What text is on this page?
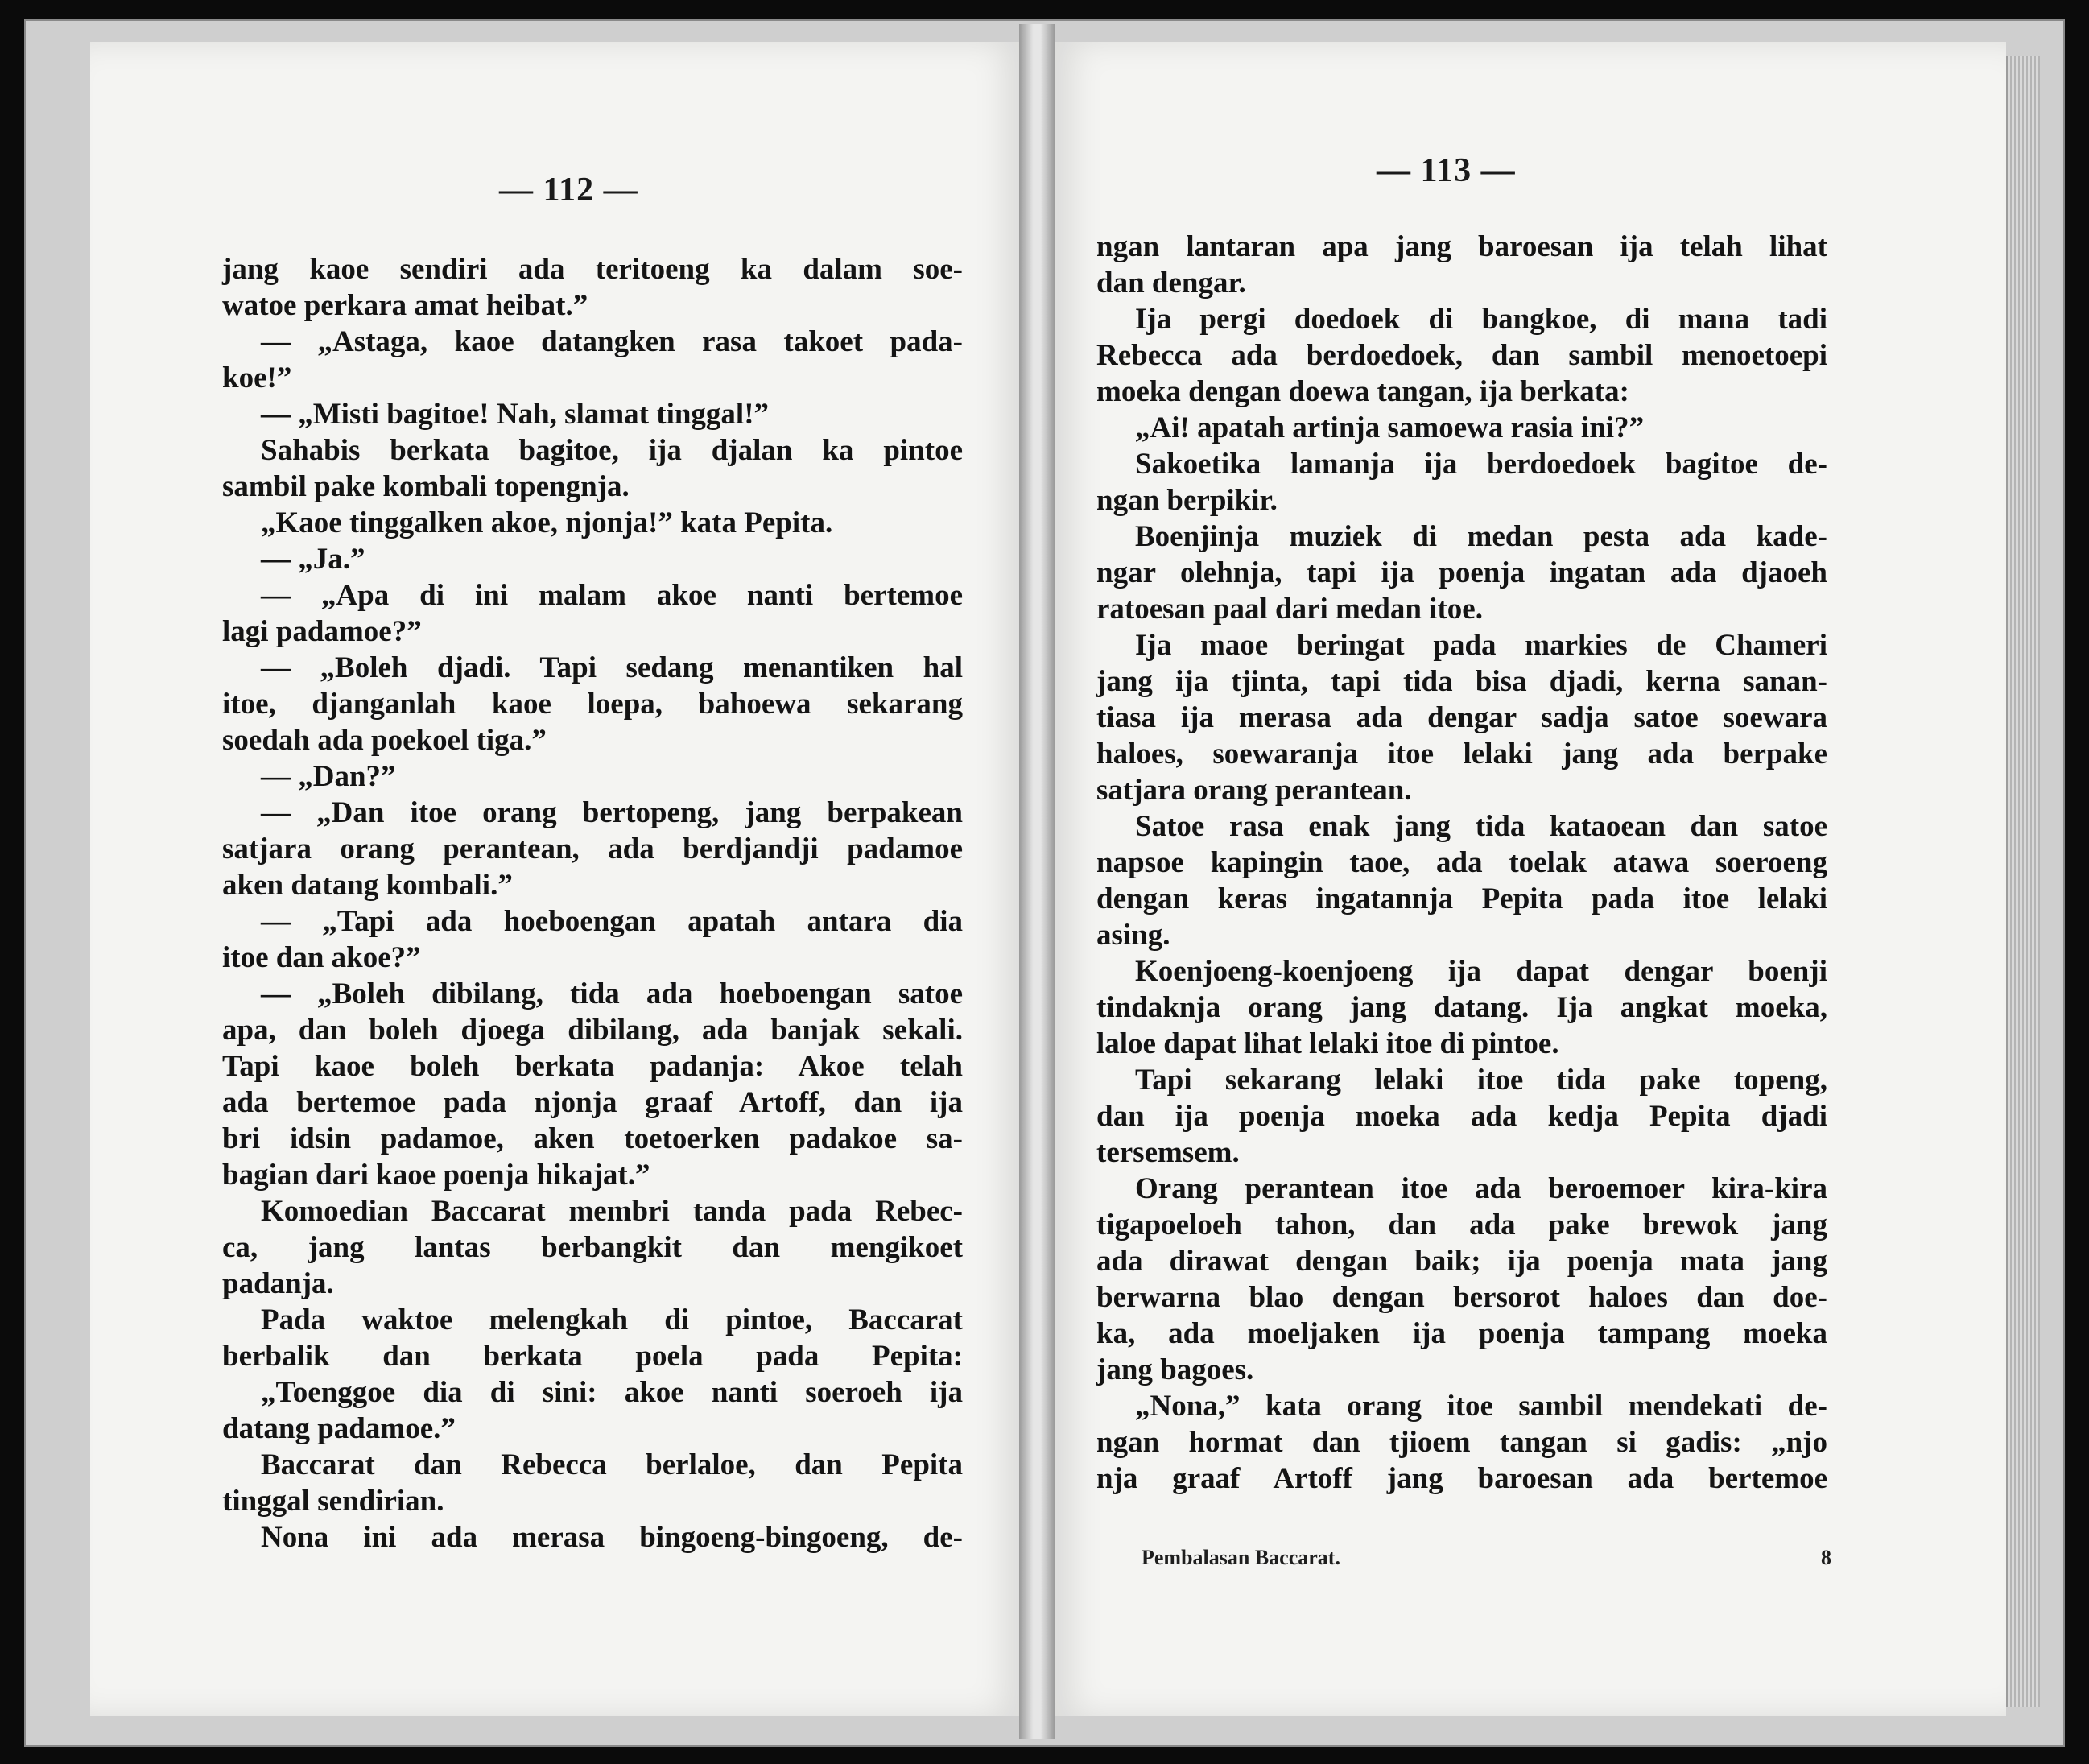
— 112 —
jang kaoe sendiri ada teritoeng ka dalam soe-
watoe perkara amat heibat.”
— „Astaga, kaoe datangken rasa takoet pada-
koe!”
— „Misti bagitoe! Nah, slamat tinggal!”
Sahabis berkata bagitoe, ija djalan ka pintoe
sambil pake kombali topengnja.
„Kaoe tinggalken akoe, njonja!” kata Pepita.
— „Ja.”
— „Apa di ini malam akoe nanti bertemoe
lagi padamoe?”
— „Boleh djadi. Tapi sedang menantiken hal
itoe, djanganlah kaoe loepa, bahoewa sekarang
soedah ada poekoel tiga.”
— „Dan?”
— „Dan itoe orang bertopeng, jang berpakean
satjara orang perantean, ada berdjandji padamoe
aken datang kombali.”
— „Tapi ada hoeboengan apatah antara dia
itoe dan akoe?”
— „Boleh dibilang, tida ada hoeboengan satoe
apa, dan boleh djoega dibilang, ada banjak sekali.
Tapi kaoe boleh berkata padanja: Akoe telah
ada bertemoe pada njonja graaf Artoff, dan ija
bri idsin padamoe, aken toetoerken padakoe sa-
bagian dari kaoe poenja hikajat.”
Komoedian Baccarat membri tanda pada Rebec-
ca, jang lantas berbangkit dan mengikoet
padanja.
Pada waktoe melengkah di pintoe, Baccarat
berbalik dan berkata poela pada Pepita:
„Toenggoe dia di sini: akoe nanti soeroeh ija
datang padamoe.”
Baccarat dan Rebecca berlaloe, dan Pepita
tinggal sendirian.
Nona ini ada merasa bingoeng-bingoeng, de-
— 113 —
ngan lantaran apa jang baroesan ija telah lihat
dan dengar.
Ija pergi doedoek di bangkoe, di mana tadi
Rebecca ada berdoedoek, dan sambil menoetoepi
moeka dengan doewa tangan, ija berkata:
„Ai! apatah artinja samoewa rasia ini?”
Sakoetika lamanja ija berdoedoek bagitoe de-
ngan berpikir.
Boenjinja muziek di medan pesta ada kade-
ngar olehnja, tapi ija poenja ingatan ada djaoeh
ratoesan paal dari medan itoe.
Ija maoe beringat pada markies de Chameri
jang ija tjinta, tapi tida bisa djadi, kerna sanan-
tiasa ija merasa ada dengar sadja satoe soewara
haloes, soewaranja itoe lelaki jang ada berpake
satjara orang perantean.
Satoe rasa enak jang tida kataoean dan satoe
napsoe kapingin taoe, ada toelak atawa soeroeng
dengan keras ingatannja Pepita pada itoe lelaki
asing.
Koenjoeng-koenjoeng ija dapat dengar boenji
tindaknja orang jang datang. Ija angkat moeka,
laloe dapat lihat lelaki itoe di pintoe.
Tapi sekarang lelaki itoe tida pake topeng,
dan ija poenja moeka ada kedja Pepita djadi
tersemsem.
Orang perantean itoe ada beroemoer kira-kira
tigapoeloeh tahon, dan ada pake brewok jang
ada dirawat dengan baik; ija poenja mata jang
berwarna blao dengan bersorot haloes dan doe-
ka, ada moeljaken ija poenja tampang moeka
jang bagoes.
„Nona,” kata orang itoe sambil mendekati de-
ngan hormat dan tjioem tangan si gadis: „njo
nja graaf Artoff jang baroesan ada bertemoe
Pembalasan Baccarat.	8
